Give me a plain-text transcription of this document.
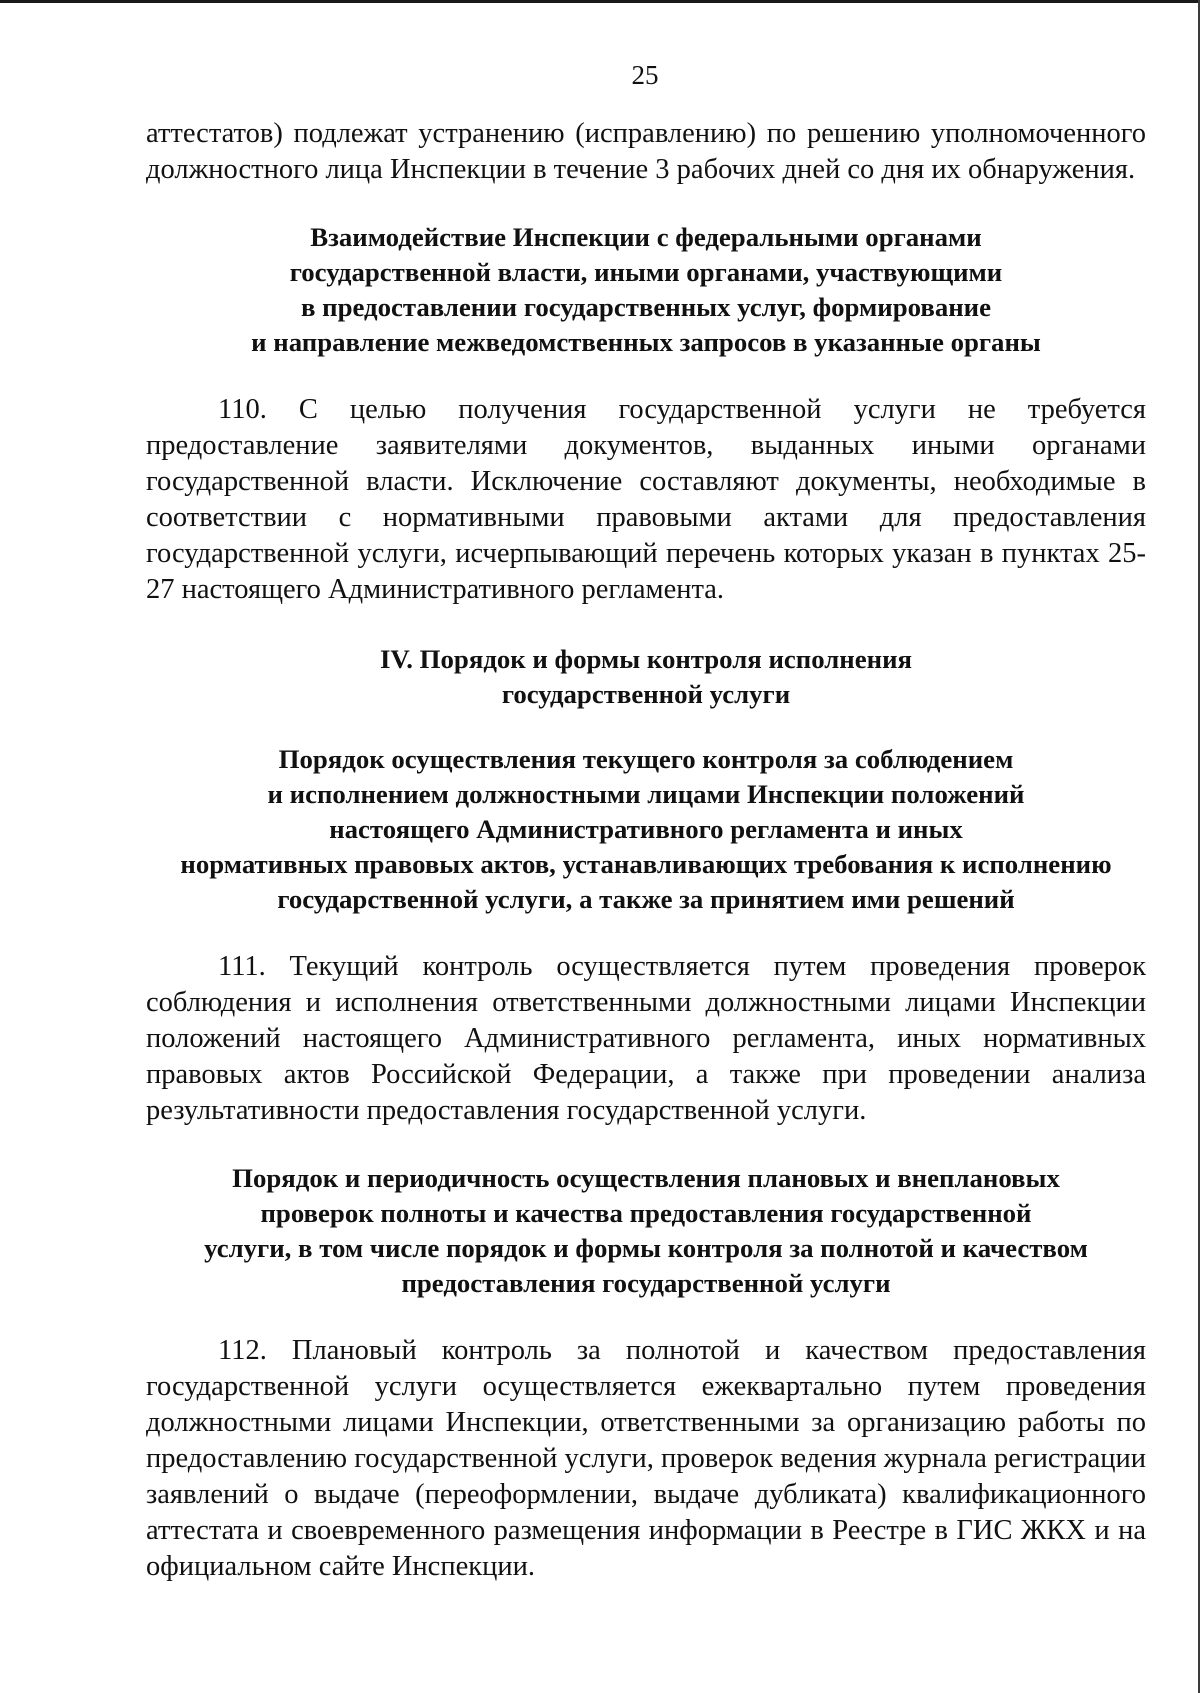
25

аттестатов) подлежат устранению (исправлению) по решению уполномоченного должностного лица Инспекции в течение 3 рабочих дней со дня их обнаружения.

Взаимодействие Инспекции с федеральными органами
государственной власти, иными органами, участвующими
в предоставлении государственных услуг, формирование
и направление межведомственных запросов в указанные органы

110. С целью получения государственной услуги не требуется предоставление заявителями документов, выданных иными органами государственной власти. Исключение составляют документы, необходимые в соответствии с нормативными правовыми актами для предоставления государственной услуги, исчерпывающий перечень которых указан в пунктах 25- 27 настоящего Административного регламента.

IV. Порядок и формы контроля исполнения
государственной услуги
Порядок осуществления текущего контроля за соблюдением
и исполнением должностными лицами Инспекции положений
настоящего Административного регламента и иных
нормативных правовых актов, устанавливающих требования к исполнению
государственной услуги, а также за принятием ими решений

111. Текущий контроль осуществляется путем проведения проверок соблюдения и исполнения ответственными должностными лицами Инспекции положений настоящего Административного регламента, иных нормативных правовых актов Российской Федерации, а также при проведении анализа результативности предоставления государственной услуги.

Порядок и периодичность осуществления плановых и внеплановых
проверок полноты и качества предоставления государственной
услуги, в том числе порядок и формы контроля за полнотой и качеством
предоставления государственной услуги

112. Плановый контроль за полнотой и качеством предоставления государственной услуги осуществляется ежеквартально путем проведения должностными лицами Инспекции, ответственными за организацию работы по предоставлению государственной услуги, проверок ведения журнала регистрации заявлений о выдаче (переоформлении, выдаче дубликата) квалификационного аттестата и своевременного размещения информации в Реестре в ГИС ЖКХ и на официальном сайте Инспекции.
